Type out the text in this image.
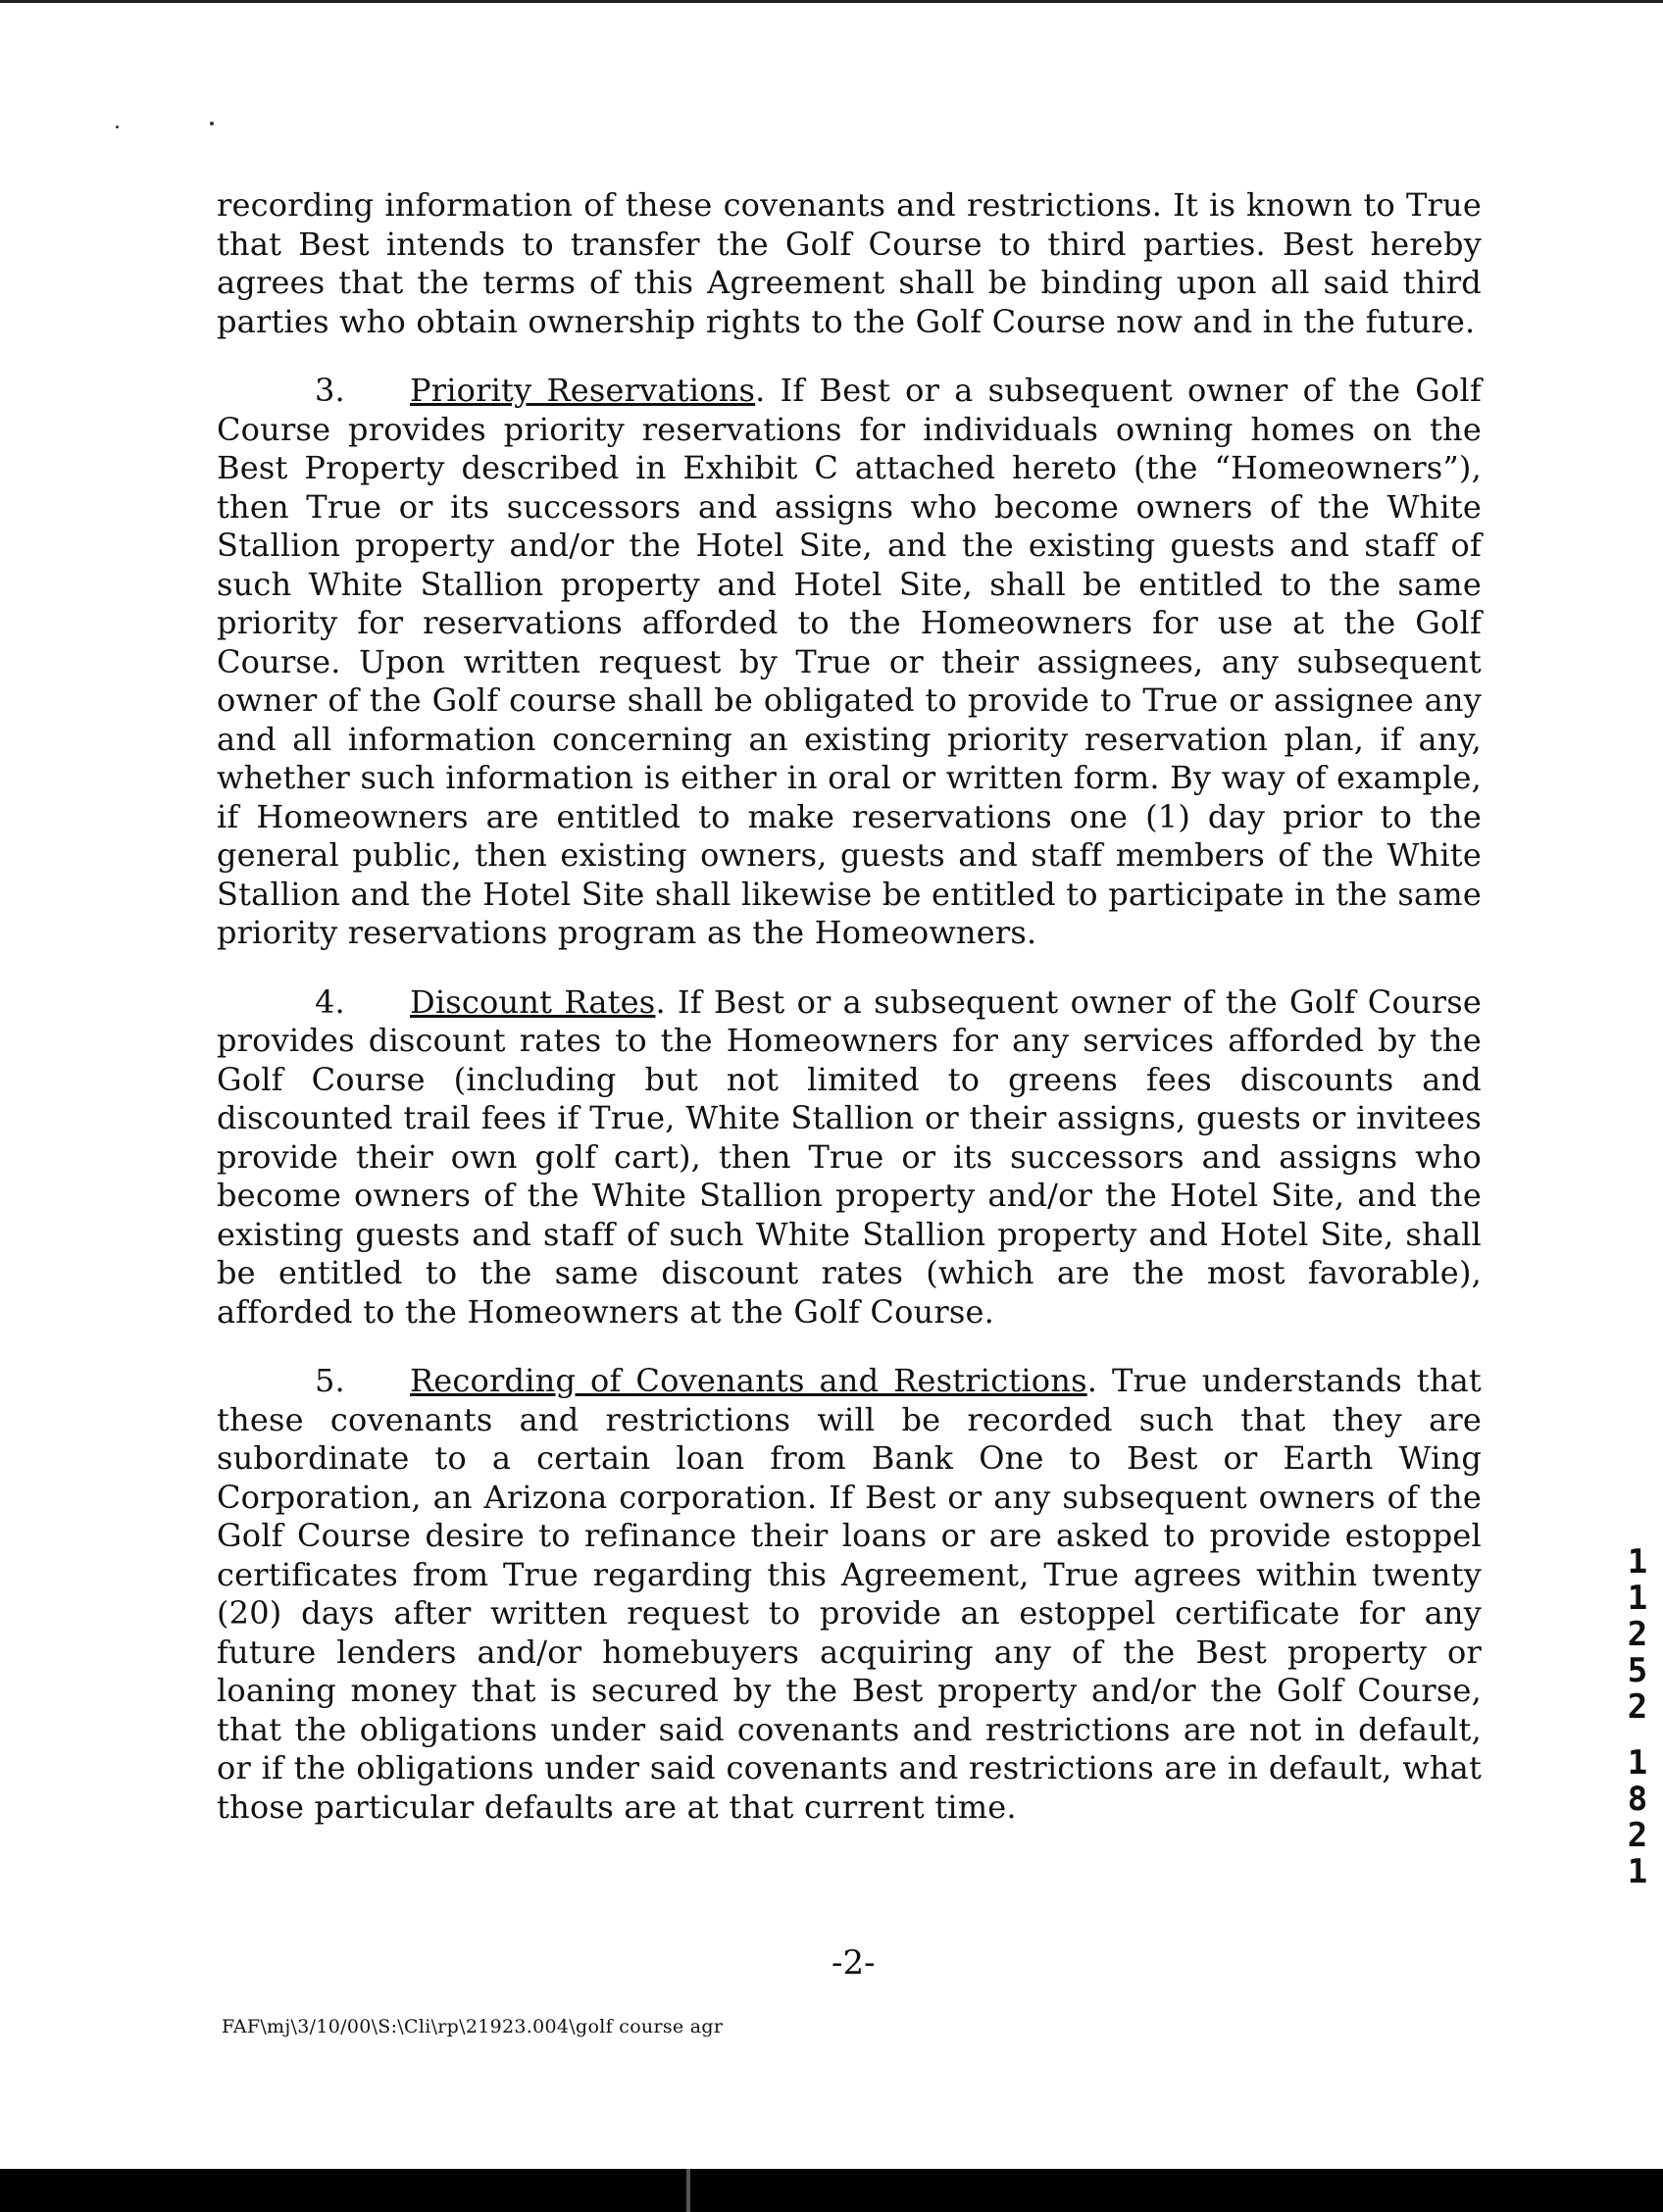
recording information of these covenants and restrictions. It is known to True that Best intends to transfer the Golf Course to third parties. Best hereby agrees that the terms of this Agreement shall be binding upon all said third parties who obtain ownership rights to the Golf Course now and in the future.

3. Priority Reservations. If Best or a subsequent owner of the Golf Course provides priority reservations for individuals owning homes on the Best Property described in Exhibit C attached hereto (the “Homeowners”), then True or its successors and assigns who become owners of the White Stallion property and/or the Hotel Site, and the existing guests and staff of such White Stallion property and Hotel Site, shall be entitled to the same priority for reservations afforded to the Homeowners for use at the Golf Course. Upon written request by True or their assignees, any subsequent owner of the Golf course shall be obligated to provide to True or assignee any and all information concerning an existing priority reservation plan, if any, whether such information is either in oral or written form. By way of example, if Homeowners are entitled to make reservations one (1) day prior to the general public, then existing owners, guests and staff members of the White Stallion and the Hotel Site shall likewise be entitled to participate in the same priority reservations program as the Homeowners.

4. Discount Rates. If Best or a subsequent owner of the Golf Course provides discount rates to the Homeowners for any services afforded by the Golf Course (including but not limited to greens fees discounts and discounted trail fees if True, White Stallion or their assigns, guests or invitees provide their own golf cart), then True or its successors and assigns who become owners of the White Stallion property and/or the Hotel Site, and the existing guests and staff of such White Stallion property and Hotel Site, shall be entitled to the same discount rates (which are the most favorable), afforded to the Homeowners at the Golf Course.

5. Recording of Covenants and Restrictions. True understands that these covenants and restrictions will be recorded such that they are subordinate to a certain loan from Bank One to Best or Earth Wing Corporation, an Arizona corporation. If Best or any subsequent owners of the Golf Course desire to refinance their loans or are asked to provide estoppel certificates from True regarding this Agreement, True agrees within twenty (20) days after written request to provide an estoppel certificate for any future lenders and/or homebuyers acquiring any of the Best property or loaning money that is secured by the Best property and/or the Golf Course, that the obligations under said covenants and restrictions are not in default, or if the obligations under said covenants and restrictions are in default, what those particular defaults are at that current time.

1
1
2
5
2
1
8
2
1
-2-
FAF\mj\3/10/00\S:\Cli\rp\21923.004\golf course agr
